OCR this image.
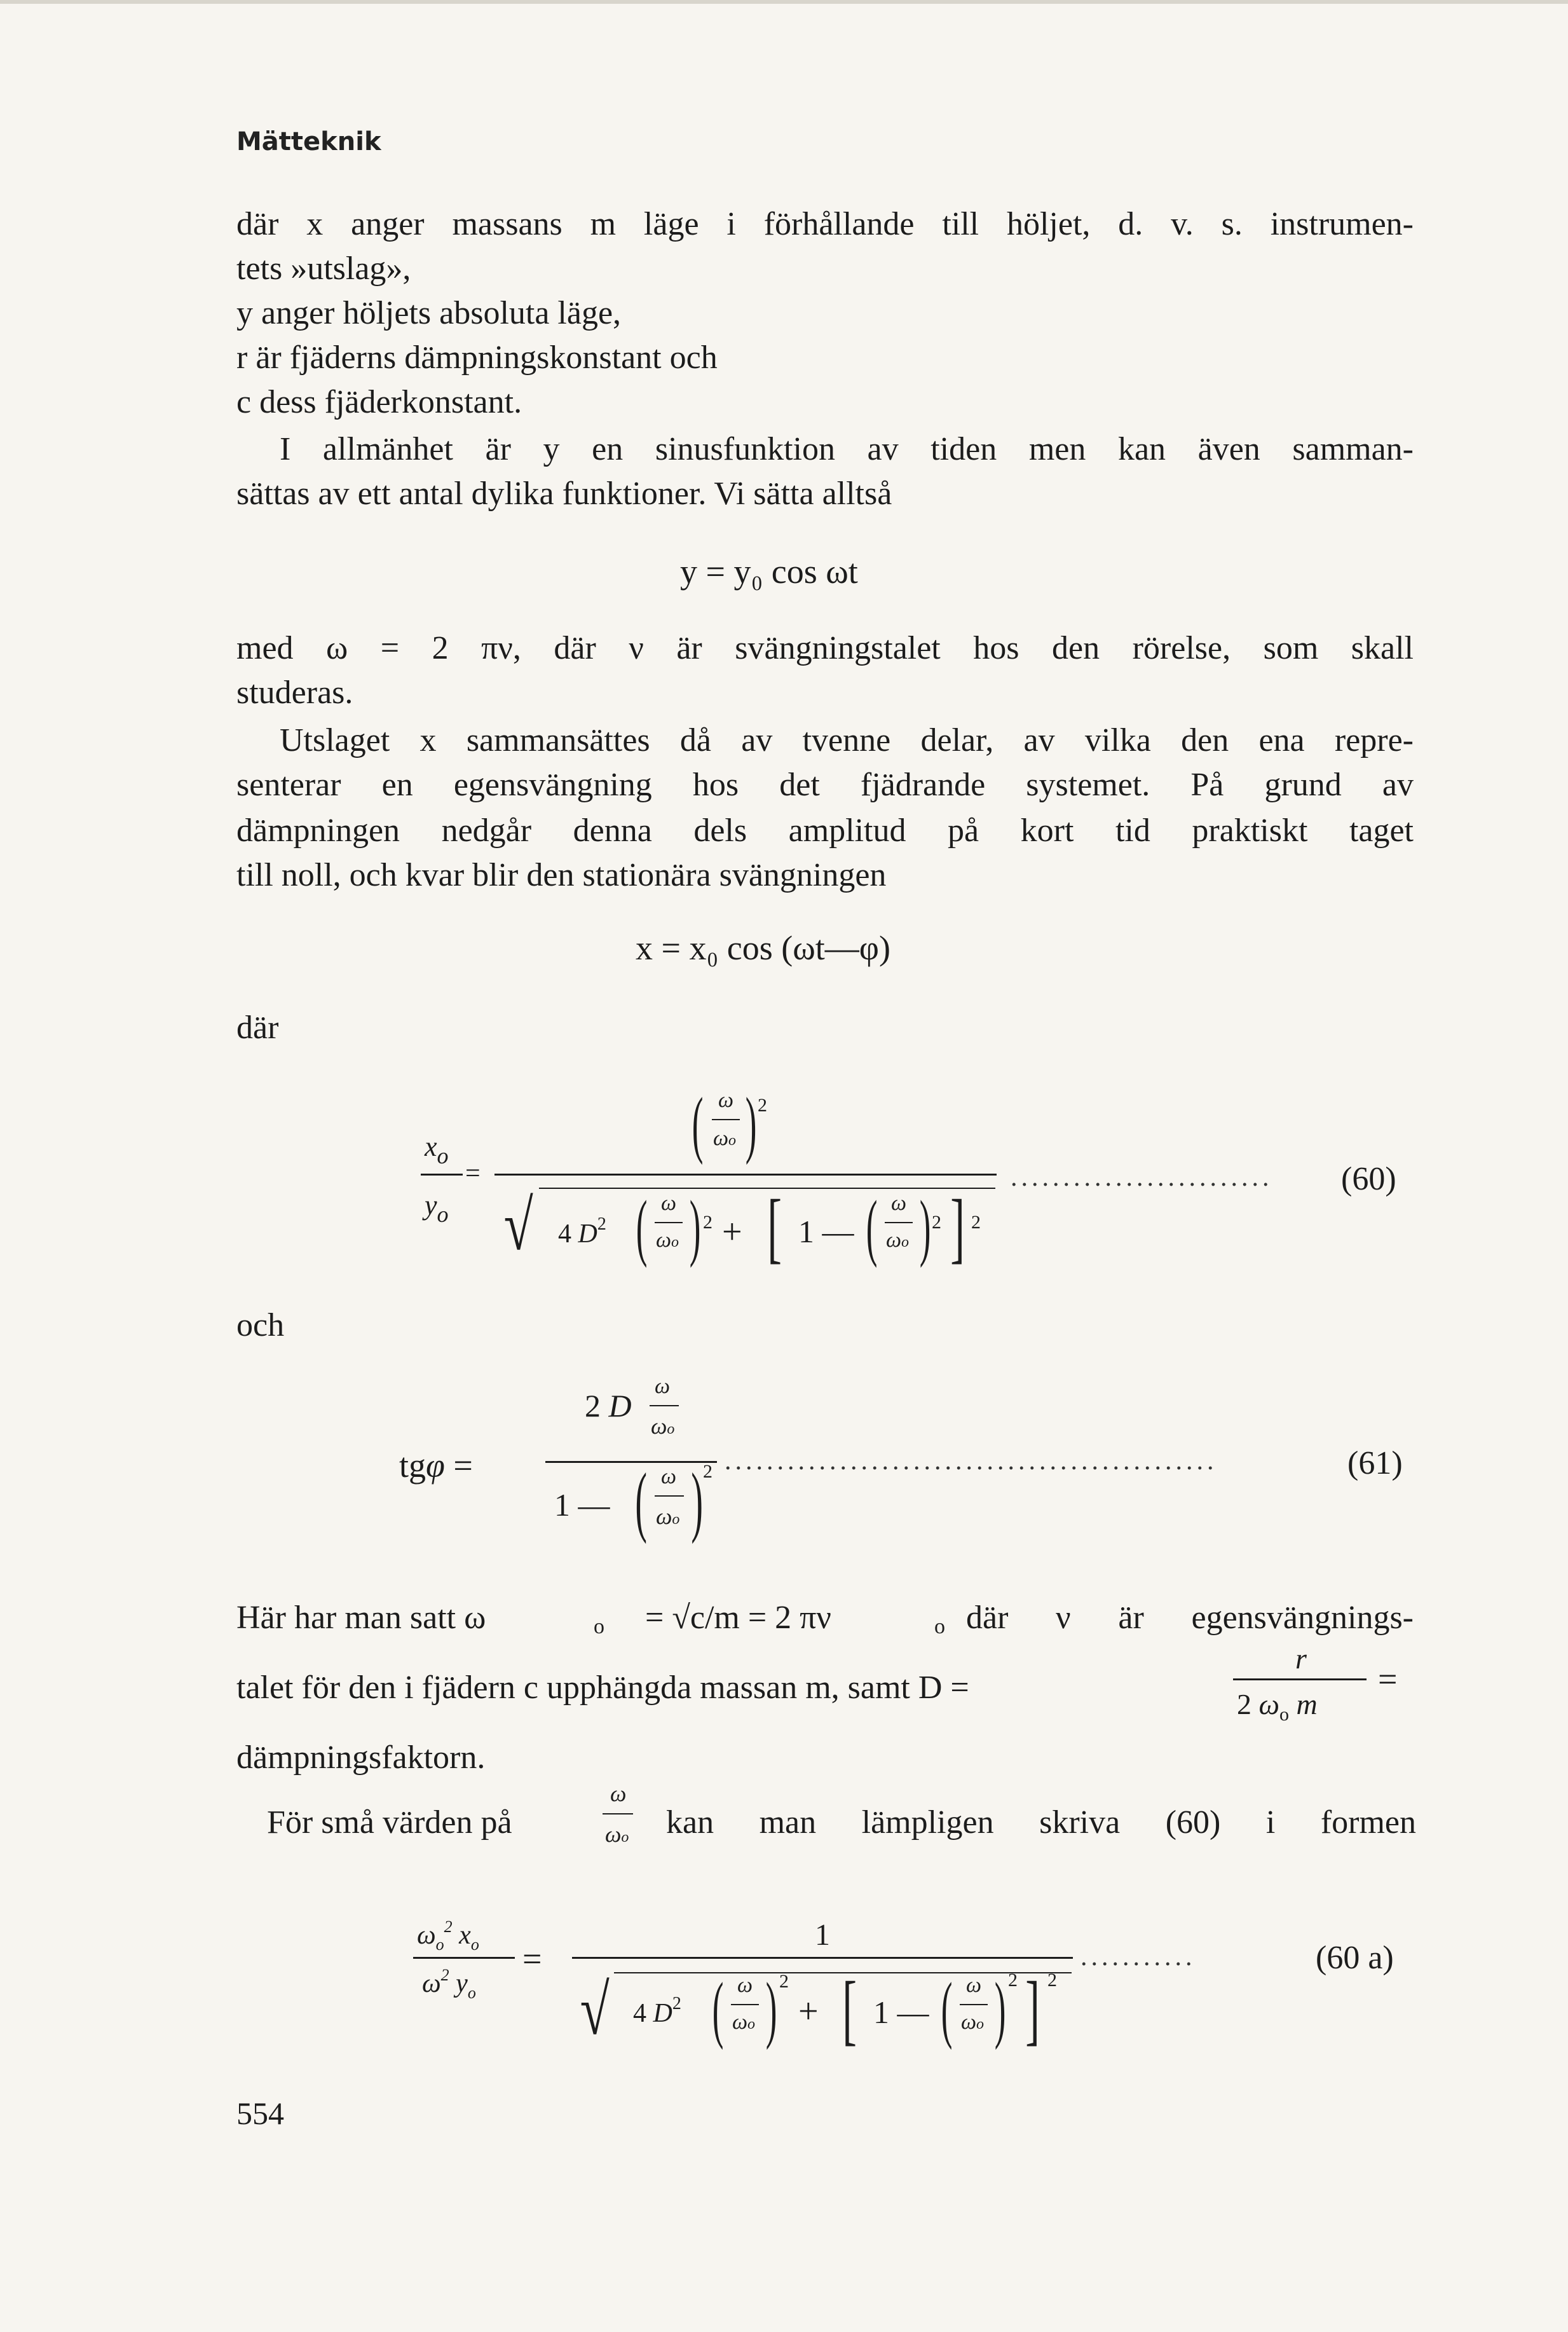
Mätteknik
där x anger massans m läge i förhållande till höljet, d. v. s. instrumen-
tets »utslag»,
y anger höljets absoluta läge,
r är fjäderns dämpningskonstant och
c dess fjäderkonstant.
I allmänhet är y en sinusfunktion av tiden men kan även samman-
sättas av ett antal dylika funktioner. Vi sätta alltså
y = y₀ cos ωt
med ω = 2 πν, där ν är svängningstalet hos den rörelse, som skall
studeras.
Utslaget x sammansättes då av tvenne delar, av vilka den ena repre-
senterar en egensvängning hos det fjädrande systemet. På grund av
dämpningen nedgår denna dels amplitud på kort tid praktiskt taget
till noll, och kvar blir den stationära svängningen
x = x₀ cos (ωt—φ)
där
$x_o$
=
$y_o$
( ω
ωo ) 2
√ 4 $D^2$ ( ω
ωo ) 2 + [ 1 — ( ω
ωo ) 2 ] 2
.........................	(60)
och
ω
2 D
ωo
tgφ =
1 — ( ω
ωo ) 2 ...............................................	(61)
Här har man satt ω	o = √c/m = 2 πν	o där ν är egensvängnings-
talet för den i fjädern c upphängda massan m, samt D =
r
2 $\omega_o$ m
=
dämpningsfaktorn.
För små värden på
ω
ωo kan man lämpligen skriva (60) i formen
$\omega_o^2$ $x_o$ =
$\omega^2$ $y_o$
1
√ 4 $D^2$ ( ω
ωo ) 2
+ [ 1 — ( ω
ωo ) 2 ] 2
...........	(60 a)
554
